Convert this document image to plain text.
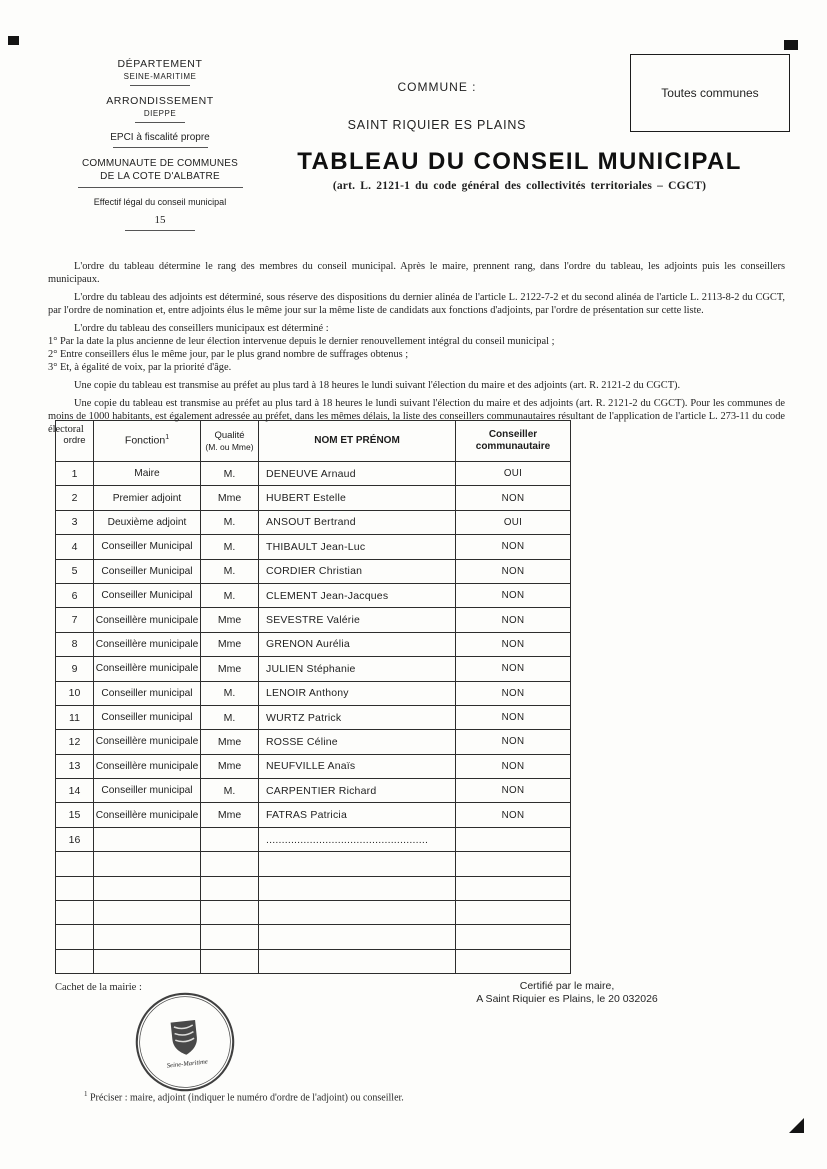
DÉPARTEMENT
SEINE-MARITIME
ARRONDISSEMENT
DIEPPE
EPCI à fiscalité propre
COMMUNAUTE DE COMMUNES
DE LA COTE D'ALBATRE
Effectif légal du conseil municipal
15
COMMUNE :
SAINT RIQUIER ES PLAINS
TABLEAU DU CONSEIL MUNICIPAL
(art. L. 2121-1 du code général des collectivités territoriales – CGCT)
Toutes communes

L'ordre du tableau détermine le rang des membres du conseil municipal. Après le maire, prennent rang, dans l'ordre du tableau, les adjoints puis les conseillers municipaux.

L'ordre du tableau des adjoints est déterminé, sous réserve des dispositions du dernier alinéa de l'article L. 2122-7-2 et du second alinéa de l'article L. 2113-8-2 du CGCT, par l'ordre de nomination et, entre adjoints élus le même jour sur la même liste de candidats aux fonctions d'adjoints, par l'ordre de présentation sur cette liste.

L'ordre du tableau des conseillers municipaux est déterminé :
1° Par la date la plus ancienne de leur élection intervenue depuis le dernier renouvellement intégral du conseil municipal ;
2° Entre conseillers élus le même jour, par le plus grand nombre de suffrages obtenus ;
3° Et, à égalité de voix, par la priorité d'âge.

Une copie du tableau est transmise au préfet au plus tard à 18 heures le lundi suivant l'élection du maire et des adjoints (art. R. 2121-2 du CGCT).

Une copie du tableau est transmise au préfet au plus tard à 18 heures le lundi suivant l'élection du maire et des adjoints (art. R. 2121-2 du CGCT). Pour les communes de moins de 1000 habitants, est également adressée au préfet, dans les mêmes délais, la liste des conseillers communautaires résultant de l'application de l'article L. 273-11 du code électoral

ordre	Fonction$^1$	Qualité
(M. ou Mme)	NOM ET PRÉNOM	Conseiller
communautaire

1	Maire	M.	DENEUVE Arnaud	OUI
2	Premier adjoint	Mme	HUBERT Estelle	NON
3	Deuxième adjoint	M.	ANSOUT Bertrand	OUI
4	Conseiller Municipal	M.	THIBAULT Jean-Luc	NON
5	Conseiller Municipal	M.	CORDIER Christian	NON
6	Conseiller Municipal	M.	CLEMENT Jean-Jacques	NON
7	Conseillère municipale	Mme	SEVESTRE Valérie	NON
8	Conseillère municipale	Mme	GRENON Aurélia	NON
9	Conseillère municipale	Mme	JULIEN Stéphanie	NON
10	Conseiller municipal	M.	LENOIR Anthony	NON
11	Conseiller municipal	M.	WURTZ Patrick	NON
12	Conseillère municipale	Mme	ROSSE Céline	NON
13	Conseillère municipale	Mme	NEUFVILLE Anaïs	NON
14	Conseiller municipal	M.	CARPENTIER Richard	NON
15	Conseillère municipale	Mme	FATRAS Patricia	NON
16			....................................................	

Cachet de la mairie :	Certifié par le maire,
A Saint Riquier es Plains, le 20 032026
Seine-Maritime
$^1$ Préciser : maire, adjoint (indiquer le numéro d'ordre de l'adjoint) ou conseiller.
